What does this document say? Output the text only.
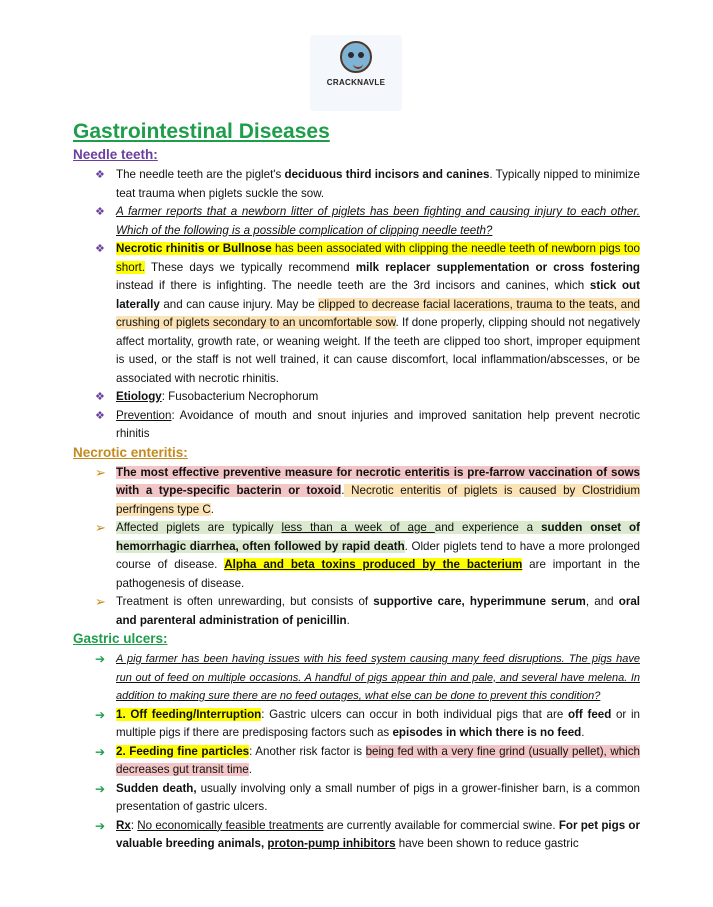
CRACKNAVLE
Gastrointestinal Diseases
Needle teeth:
❖ The needle teeth are the piglet's deciduous third incisors and canines. Typically nipped to minimize teat trauma when piglets suckle the sow.
❖ A farmer reports that a newborn litter of piglets has been fighting and causing injury to each other. Which of the following is a possible complication of clipping needle teeth?
❖ Necrotic rhinitis or Bullnose has been associated with clipping the needle teeth of newborn pigs too short. These days we typically recommend milk replacer supplementation or cross fostering instead if there is infighting. The needle teeth are the 3rd incisors and canines, which stick out laterally and can cause injury. May be clipped to decrease facial lacerations, trauma to the teats, and crushing of piglets secondary to an uncomfortable sow. If done properly, clipping should not negatively affect mortality, growth rate, or weaning weight. If the teeth are clipped too short, improper equipment is used, or the staff is not well trained, it can cause discomfort, local inflammation/abscesses, or be associated with necrotic rhinitis.
❖ Etiology: Fusobacterium Necrophorum
❖ Prevention: Avoidance of mouth and snout injuries and improved sanitation help prevent necrotic rhinitis
Necrotic enteritis:
➢ The most effective preventive measure for necrotic enteritis is pre-farrow vaccination of sows with a type-specific bacterin or toxoid. Necrotic enteritis of piglets is caused by Clostridium perfringens type C.
➢ Affected piglets are typically less than a week of age and experience a sudden onset of hemorrhagic diarrhea, often followed by rapid death. Older piglets tend to have a more prolonged course of disease. Alpha and beta toxins produced by the bacterium are important in the pathogenesis of disease.
➢ Treatment is often unrewarding, but consists of supportive care, hyperimmune serum, and oral and parenteral administration of penicillin.
Gastric ulcers:
➔ A pig farmer has been having issues with his feed system causing many feed disruptions. The pigs have run out of feed on multiple occasions. A handful of pigs appear thin and pale, and several have melena. In addition to making sure there are no feed outages, what else can be done to prevent this condition?
➔ 1. Off feeding/Interruption: Gastric ulcers can occur in both individual pigs that are off feed or in multiple pigs if there are predisposing factors such as episodes in which there is no feed.
➔ 2. Feeding fine particles: Another risk factor is being fed with a very fine grind (usually pellet), which decreases gut transit time.
➔ Sudden death, usually involving only a small number of pigs in a grower-finisher barn, is a common presentation of gastric ulcers.
➔ Rx: No economically feasible treatments are currently available for commercial swine. For pet pigs or valuable breeding animals, proton-pump inhibitors have been shown to reduce gastric
